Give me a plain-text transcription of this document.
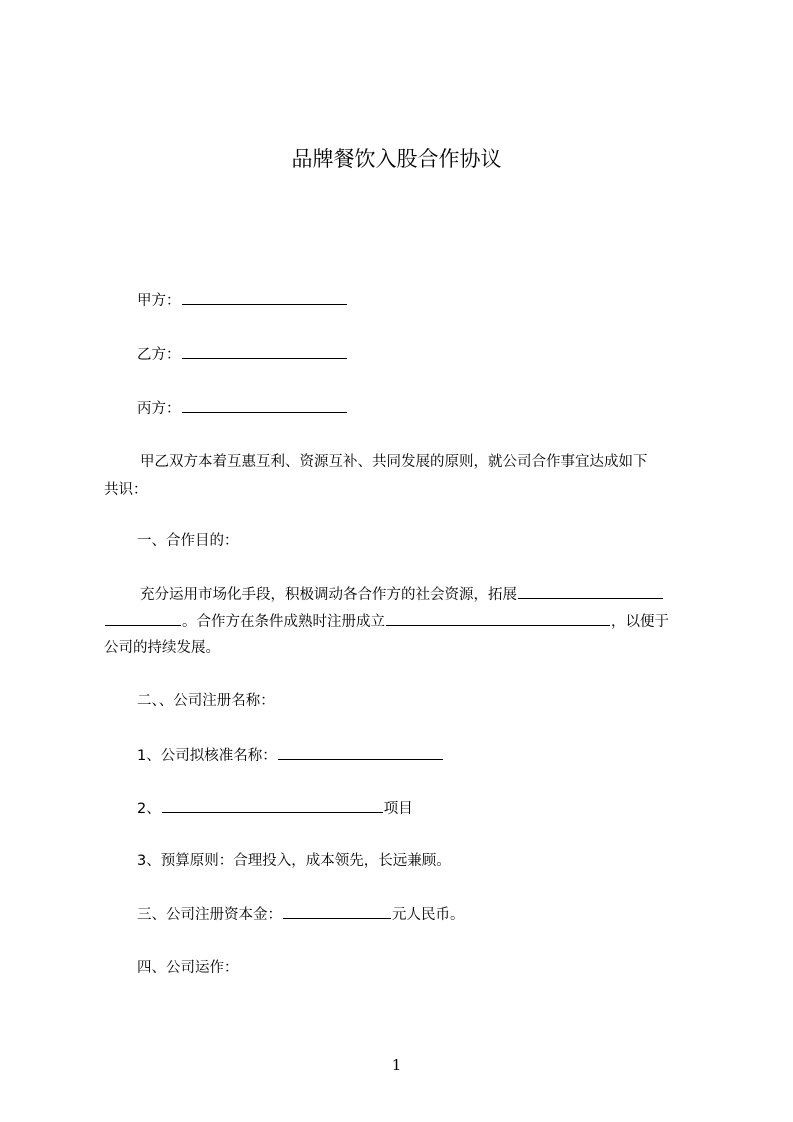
品牌餐饮入股合作协议
甲方：
乙方：
丙方：
甲乙双方本着互惠互利、资源互补、共同发展的原则，就公司合作事宜达成如下
共识：
一、合作目的：
充分运用市场化手段，积极调动各合作方的社会资源，拓展
。合作方在条件成熟时注册成立	，以便于
公司的持续发展。
二、、公司注册名称：
1、公司拟核准名称：
2、	项目
3、预算原则：合理投入，成本领先，长远兼顾。
三、公司注册资本金：	元人民币。
四、公司运作：
1
